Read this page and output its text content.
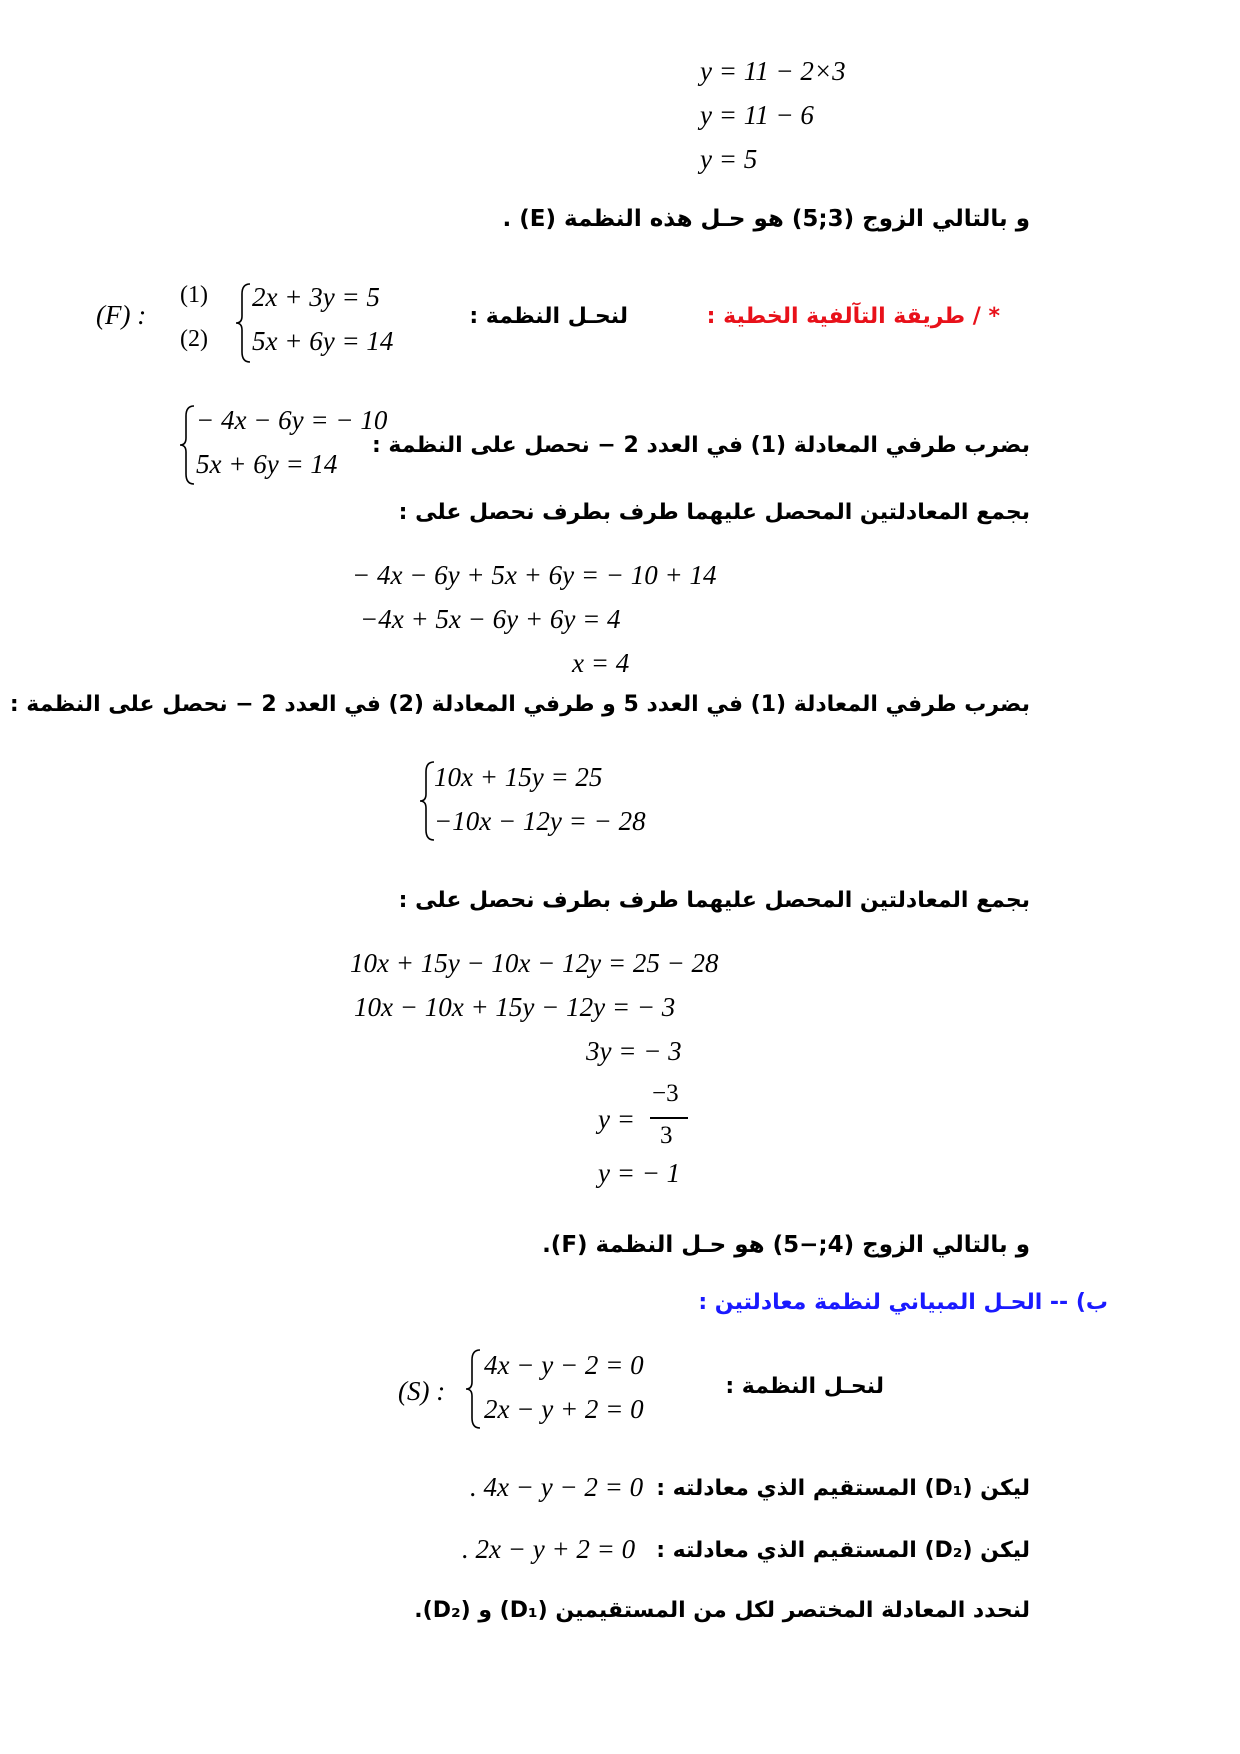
y = 11 − 2×3
y = 11 − 6
y = 5
و بالتالي الزوج (3;5) هو حـل هذه النظمة (E) .
* / طريقة التآلفية الخطية :
لنحـل النظمة :
(F) :
(1)
(2)
2x + 3y = 5
5x + 6y = 14
بضرب طرفي المعادلة (1) في العدد 2 − نحصل على النظمة :
− 4x − 6y = − 10
5x + 6y = 14
بجمع المعادلتين المحصل عليهما طرف بطرف نحصل على :
− 4x − 6y + 5x + 6y = − 10 + 14
−4x + 5x − 6y + 6y = 4
x = 4
بضرب طرفي المعادلة (1) في العدد 5 و طرفي المعادلة (2) في العدد 2 − نحصل على النظمة :
10x + 15y = 25
−10x − 12y = − 28
بجمع المعادلتين المحصل عليهما طرف بطرف نحصل على :
10x + 15y − 10x − 12y = 25 − 28
10x − 10x + 15y − 12y = − 3
3y = − 3
y =
−3
3
y = − 1
و بالتالي الزوج (4;−5) هو حـل النظمة (F).
ب) -- الحـل المبياني لنظمة معادلتين :
لنحـل النظمة :
(S) :
4x − y − 2 = 0
2x − y + 2 = 0
ليكن (D₁) المستقيم الذي معادلته :
. 4x − y − 2 = 0
ليكن (D₂) المستقيم الذي معادلته :
. 2x − y + 2 = 0
لنحدد المعادلة المختصر لكل من المستقيمين (D₁) و (D₂).
